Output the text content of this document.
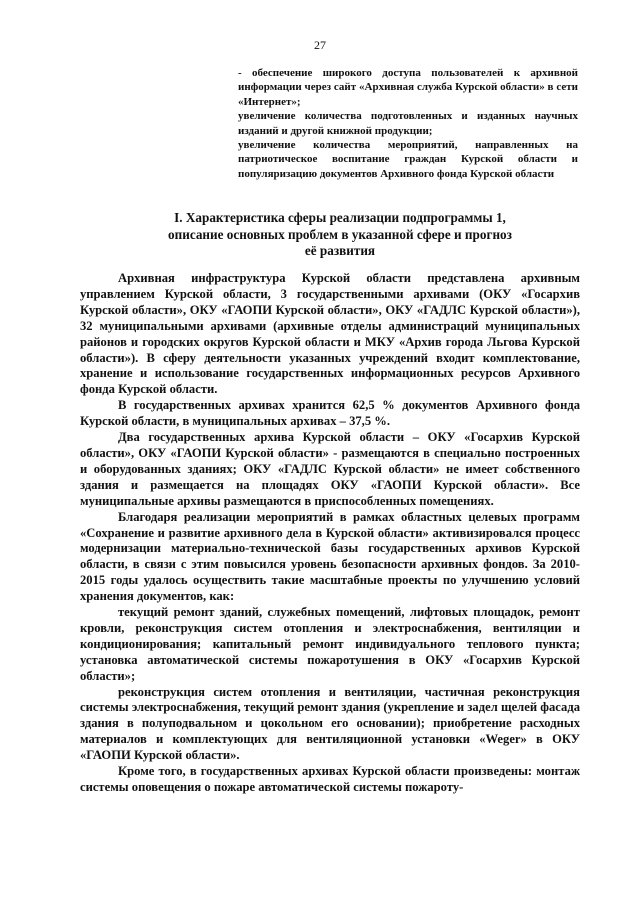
27

- обеспечение широкого доступа пользователей к архивной информации через сайт «Архивная служба Курской области» в сети «Интернет»;

увеличение количества подготовленных и изданных научных изданий и другой книжной продукции;

увеличение количества мероприятий, направленных на патриотическое воспитание граждан Курской области и популяризацию документов Архивного фонда Курской области

I. Характеристика сферы реализации подпрограммы 1,
описание основных проблем в указанной сфере и прогноз
её развития

Архивная инфраструктура Курской области представлена архивным управлением Курской области, 3 государственными архивами (ОКУ «Госархив Курской области», ОКУ «ГАОПИ Курской области», ОКУ «ГАДЛС Курской области»), 32 муниципальными архивами (архивные отделы администраций муниципальных районов и городских округов Курской области и МКУ «Архив города Льгова Курской области»). В сферу деятельности указанных учреждений входит комплектование, хранение и использование государственных информационных ресурсов Архивного фонда Курской области.

В государственных архивах хранится 62,5 % документов Архивного фонда Курской области, в муниципальных архивах – 37,5 %.

Два государственных архива Курской области – ОКУ «Госархив Курской области», ОКУ «ГАОПИ Курской области» - размещаются в специально построенных и оборудованных зданиях; ОКУ «ГАДЛС Курской области» не имеет собственного здания и размещается на площадях ОКУ «ГАОПИ Курской области». Все муниципальные архивы размещаются в приспособленных помещениях.

Благодаря реализации мероприятий в рамках областных целевых программ «Сохранение и развитие архивного дела в Курской области» активизировался процесс модернизации материально-технической базы государственных архивов Курской области, в связи с этим повысился уровень безопасности архивных фондов. За 2010-2015 годы удалось осуществить такие масштабные проекты по улучшению условий хранения документов, как:

текущий ремонт зданий, служебных помещений, лифтовых площадок, ремонт кровли, реконструкция систем отопления и электроснабжения, вентиляции и кондиционирования; капитальный ремонт индивидуального теплового пункта; установка автоматической системы пожаротушения в ОКУ «Госархив Курской области»;

реконструкция систем отопления и вентиляции, частичная реконструкция системы электроснабжения, текущий ремонт здания (укрепление и задел щелей фасада здания в полуподвальном и цокольном его основании); приобретение расходных материалов и комплектующих для вентиляционной установки «Weger» в ОКУ «ГАОПИ Курской области».

Кроме того, в государственных архивах Курской области произведены: монтаж системы оповещения о пожаре автоматической системы пожароту-
